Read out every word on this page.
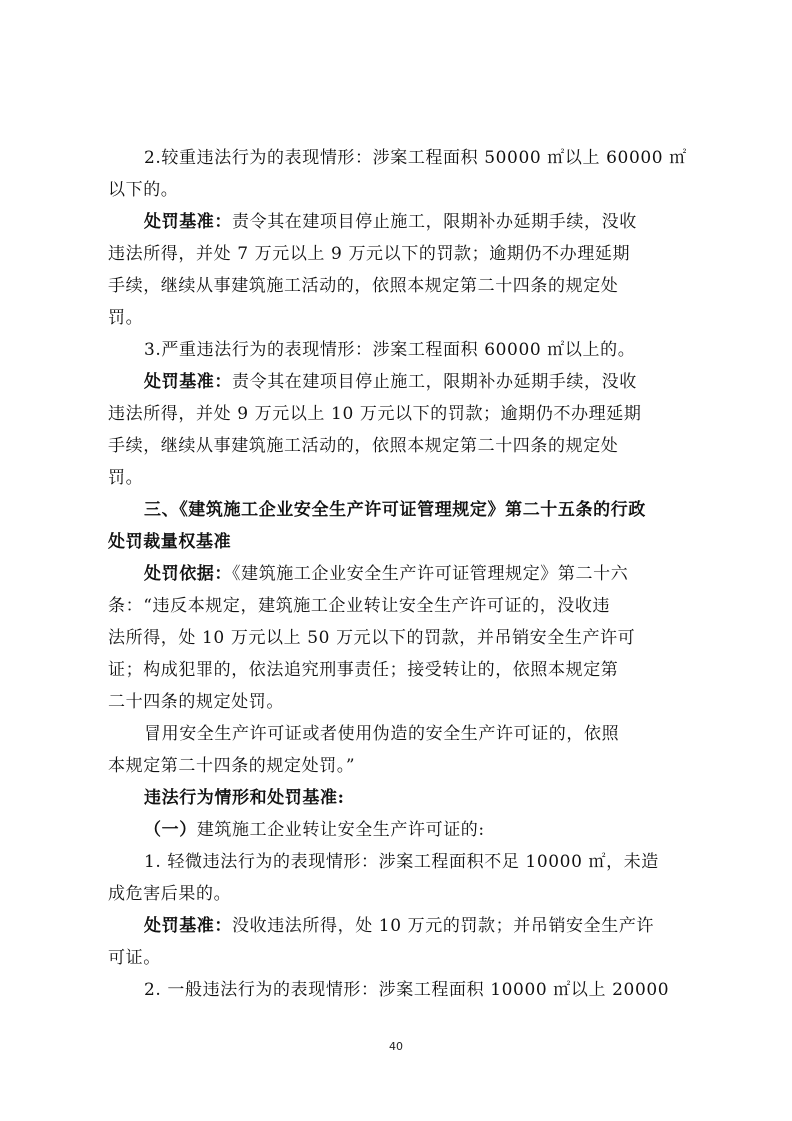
2.较重违法行为的表现情形：涉案工程面积 50000 ㎡以上 60000 ㎡
以下的。
处罚基准：责令其在建项目停止施工，限期补办延期手续，没收
违法所得，并处 7 万元以上 9 万元以下的罚款；逾期仍不办理延期
手续，继续从事建筑施工活动的，依照本规定第二十四条的规定处
罚。
3.严重违法行为的表现情形：涉案工程面积 60000 ㎡以上的。
处罚基准：责令其在建项目停止施工，限期补办延期手续，没收
违法所得，并处 9 万元以上 10 万元以下的罚款；逾期仍不办理延期
手续，继续从事建筑施工活动的，依照本规定第二十四条的规定处
罚。
三、《建筑施工企业安全生产许可证管理规定》第二十五条的行政
处罚裁量权基准
处罚依据：《建筑施工企业安全生产许可证管理规定》第二十六
条：“违反本规定，建筑施工企业转让安全生产许可证的，没收违
法所得，处 10 万元以上 50 万元以下的罚款，并吊销安全生产许可
证；构成犯罪的，依法追究刑事责任；接受转让的，依照本规定第
二十四条的规定处罚。
冒用安全生产许可证或者使用伪造的安全生产许可证的，依照
本规定第二十四条的规定处罚。”
违法行为情形和处罚基准:
（一）建筑施工企业转让安全生产许可证的:
1. 轻微违法行为的表现情形：涉案工程面积不足 10000 ㎡，未造
成危害后果的。
处罚基准：没收违法所得，处 10 万元的罚款；并吊销安全生产许
可证。
2. 一般违法行为的表现情形：涉案工程面积 10000 ㎡以上 20000
40
